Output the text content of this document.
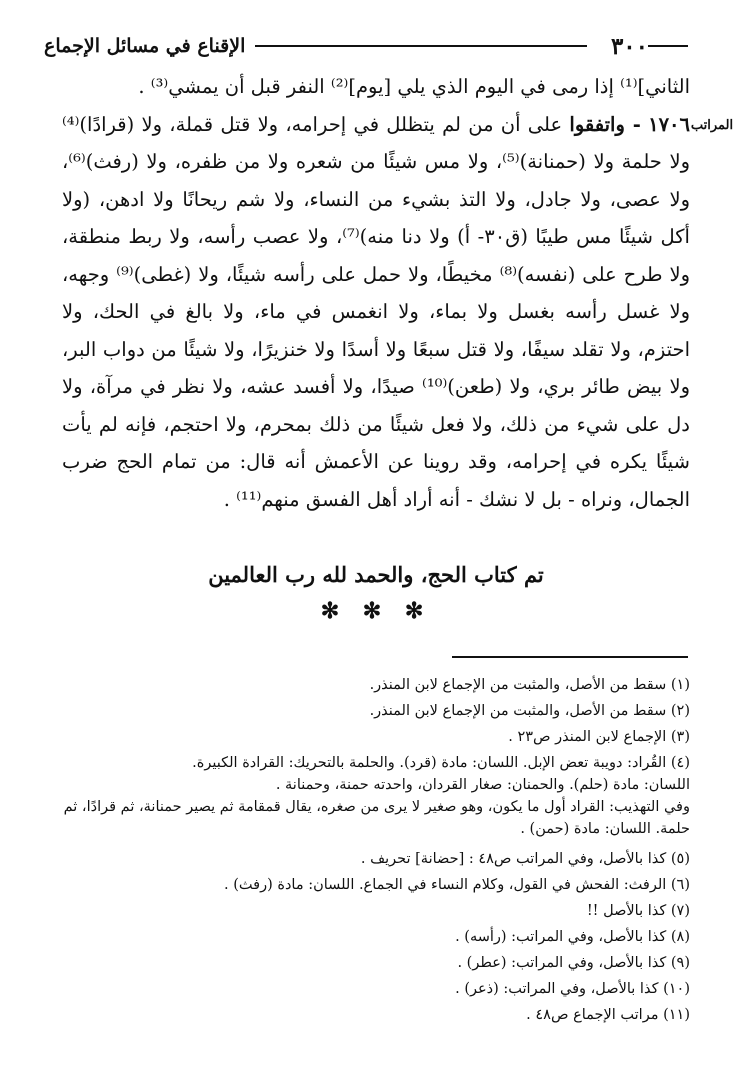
٣٠٠
الإقناع في مسائل الإجماع
المراتب

الثاني]⁽¹⁾ إذا رمى في اليوم الذي يلي [يوم]⁽²⁾ النفر قبل أن يمشي⁽³⁾ .

١٧٠٦ - واتفقوا على أن من لم يتظلل في إحرامه، ولا قتل قملة، ولا (قرادًا)⁽⁴⁾ ولا حلمة ولا (حمنانة)⁽⁵⁾، ولا مس شيئًا من شعره ولا من ظفره، ولا (رفث)⁽⁶⁾، ولا عصى، ولا جادل، ولا التذ بشيء من النساء، ولا شم ريحانًا ولا ادهن، (ولا أكل شيئًا مس طيبًا (ق٣٠- أ) ولا دنا منه)⁽⁷⁾، ولا عصب رأسه، ولا ربط منطقة، ولا طرح على (نفسه)⁽⁸⁾ مخيطًا، ولا حمل على رأسه شيئًا، ولا (غطى)⁽⁹⁾ وجهه، ولا غسل رأسه بغسل ولا بماء، ولا انغمس في ماء، ولا بالغ في الحك، ولا احتزم، ولا تقلد سيفًا، ولا قتل سبعًا ولا أسدًا ولا خنزيرًا، ولا شيئًا من دواب البر، ولا بيض طائر بري، ولا (طعن)⁽¹⁰⁾ صيدًا، ولا أفسد عشه، ولا نظر في مرآة، ولا دل على شيء من ذلك، ولا فعل شيئًا من ذلك بمحرم، ولا احتجم، فإنه لم يأت شيئًا يكره في إحرامه، وقد روينا عن الأعمش أنه قال: من تمام الحج ضرب الجمال، ونراه - بل لا نشك - أنه أراد أهل الفسق منهم⁽¹¹⁾ .

تم كتاب الحج، والحمد لله رب العالمين
✻ ✻ ✻

(١) سقط من الأصل، والمثبت من الإجماع لابن المنذر.

(٢) سقط من الأصل، والمثبت من الإجماع لابن المنذر.

(٣) الإجماع لابن المنذر ص٢٣ .

(٤) القُراد: دويبة تعض الإبل. اللسان: مادة (قرد). والحلمة بالتحريك: القرادة الكبيرة.
اللسان: مادة (حلم). والحمنان: صغار القردان، واحدته حمنة، وحمنانة .
وفي التهذيب: القراد أول ما يكون، وهو صغير لا يرى من صغره، يقال قمقامة ثم يصير حمنانة، ثم قرادًا، ثم حلمة. اللسان: مادة (حمن) .

(٥) كذا بالأصل، وفي المراتب ص٤٨ : [حضانة] تحريف .

(٦) الرفث: الفحش في القول، وكلام النساء في الجماع. اللسان: مادة (رفث) .

(٧) كذا بالأصل !!

(٨) كذا بالأصل، وفي المراتب: (رأسه) .

(٩) كذا بالأصل، وفي المراتب: (عطر) .

(١٠) كذا بالأصل، وفي المراتب: (ذعر) .

(١١) مراتب الإجماع ص٤٨ .
